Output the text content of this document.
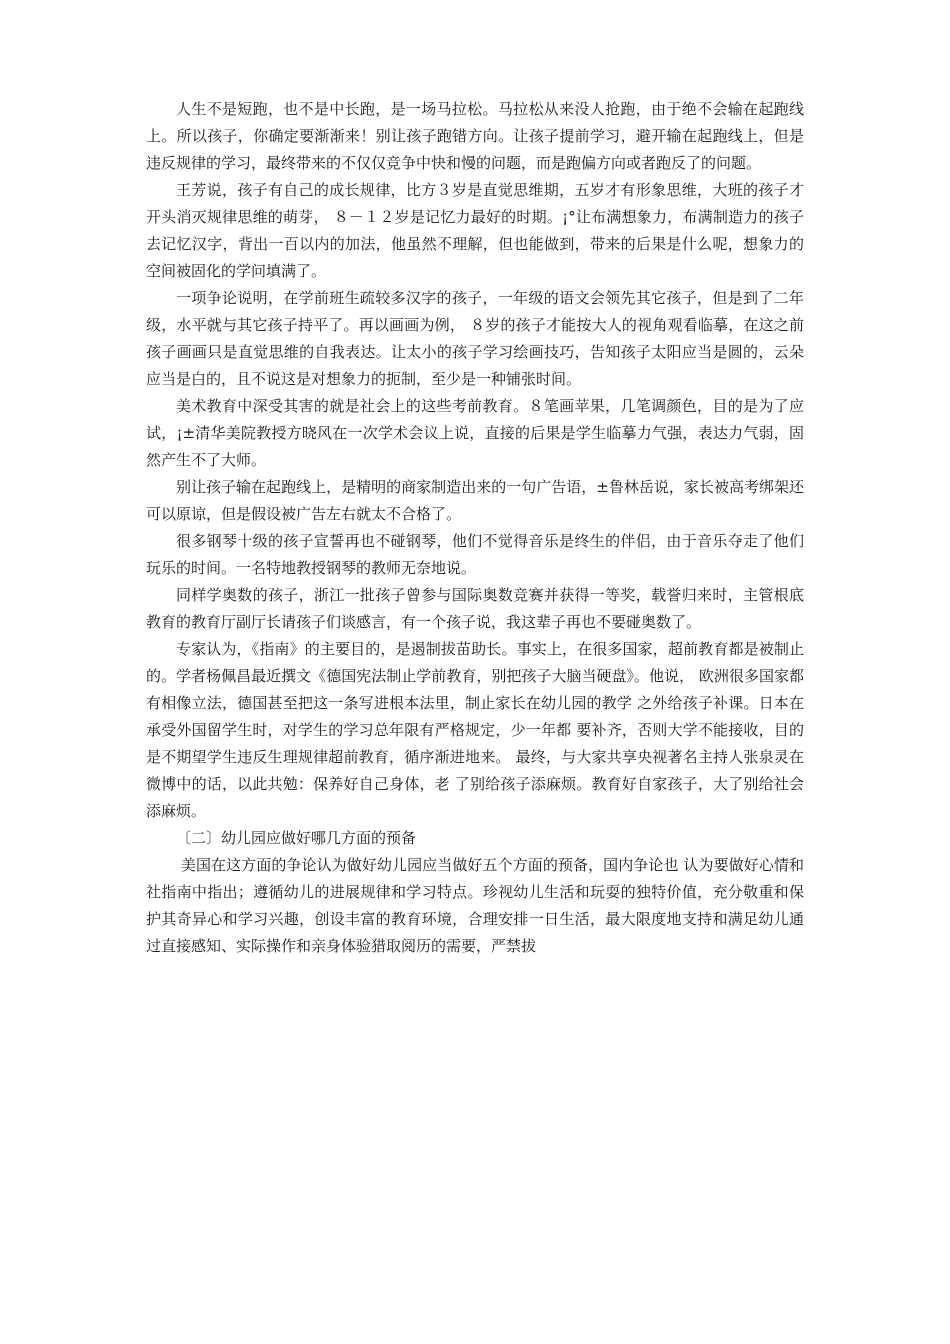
人生不是短跑，也不是中长跑，是一场马拉松。马拉松从来没人抢跑，由于绝不会输在起跑线上。所以孩子，你确定要渐渐来！别让孩子跑错方向。让孩子提前学习，避开输在起跑线上，但是违反规律的学习，最终带来的不仅仅竞争中快和慢的问题，而是跑偏方向或者跑反了的问题。

王芳说，孩子有自己的成长规律，比方３岁是直觉思维期，五岁才有形象思维，大班的孩子才开头消灭规律思维的萌芽， ８－１２岁是记忆力最好的时期。¡°让布满想象力，布满制造力的孩子去记忆汉字，背出一百以内的加法，他虽然不理解，但也能做到，带来的后果是什么呢，想象力的空间被固化的学问填满了。

一项争论说明，在学前班生疏较多汉字的孩子，一年级的语文会领先其它孩子，但是到了二年级，水平就与其它孩子持平了。再以画画为例， ８岁的孩子才能按大人的视角观看临摹，在这之前孩子画画只是直觉思维的自我表达。让太小的孩子学习绘画技巧，告知孩子太阳应当是圆的，云朵应当是白的，且不说这是对想象力的扼制，至少是一种铺张时间。

美术教育中深受其害的就是社会上的这些考前教育。８笔画苹果，几笔调颜色，目的是为了应试，¡±清华美院教授方晓风在一次学术会议上说，直接的后果是学生临摹力气强，表达力气弱，固然产生不了大师。

别让孩子输在起跑线上，是精明的商家制造出来的一句广告语，±鲁林岳说，家长被高考绑架还可以原谅，但是假设被广告左右就太不合格了。

很多钢琴十级的孩子宣誓再也不碰钢琴，他们不觉得音乐是终生的伴侣，由于音乐夺走了他们玩乐的时间。一名特地教授钢琴的教师无奈地说。

同样学奥数的孩子，浙江一批孩子曾参与国际奥数竞赛并获得一等奖，载誉归来时，主管根底教育的教育厅副厅长请孩子们谈感言，有一个孩子说，我这辈子再也不要碰奥数了。

专家认为，《指南》的主要目的，是遏制拔苗助长。事实上，在很多国家，超前教育都是被制止的。学者杨佩昌最近撰文《德国宪法制止学前教育，别把孩子大脑当硬盘》。他说， 欧洲很多国家都有相像立法，德国甚至把这一条写进根本法里，制止家长在幼儿园的教学 之外给孩子补课。日本在承受外国留学生时，对学生的学习总年限有严格规定，少一年都 要补齐，否则大学不能接收，目的是不期望学生违反生理规律超前教育，循序渐进地来。 最终，与大家共享央视著名主持人张泉灵在微博中的话，以此共勉：保养好自己身体，老 了别给孩子添麻烦。教育好自家孩子，大了别给社会添麻烦。

〔二〕幼儿园应做好哪几方面的预备

美国在这方面的争论认为做好幼儿园应当做好五个方面的预备，国内争论也 认为要做好心情和社指南中指出；遵循幼儿的进展规律和学习特点。珍视幼儿生活和玩耍的独特价值，充分敬重和保护其奇异心和学习兴趣，创设丰富的教育环境，合理安排一日生活，最大限度地支持和满足幼儿通过直接感知、实际操作和亲身体验猎取阅历的需要，严禁拔
